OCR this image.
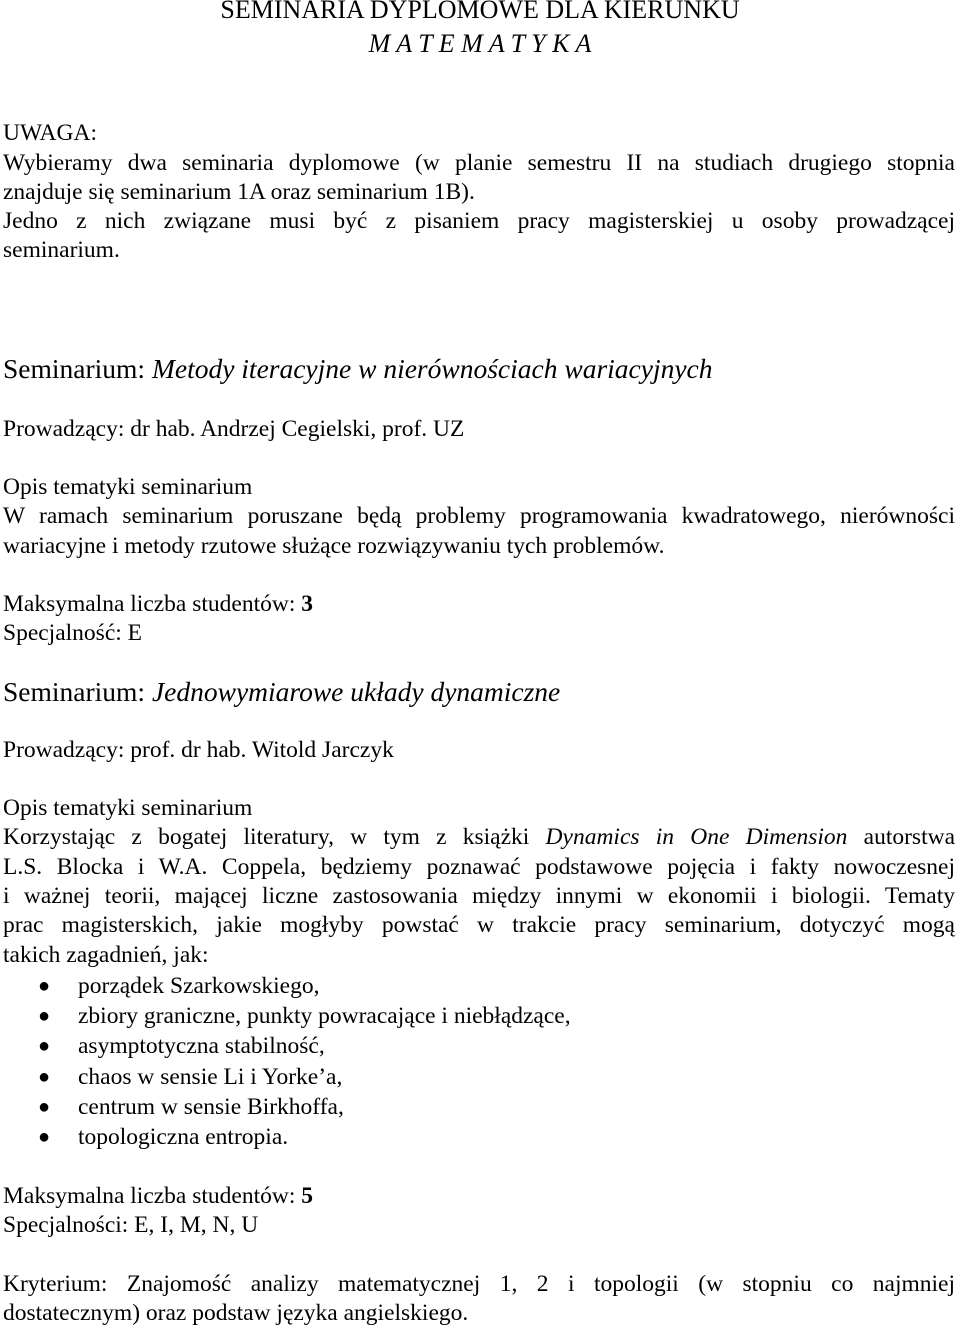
SEMINARIA DYPLOMOWE DLA KIERUNKU
M A T E M A T Y K A
UWAGA:
Wybieramy dwa seminaria dyplomowe (w planie semestru II na studiach drugiego stopnia
znajduje się seminarium 1A oraz seminarium 1B).
Jedno z nich związane musi być z pisaniem pracy magisterskiej u osoby prowadzącej
seminarium.
Seminarium: Metody iteracyjne w nierównościach wariacyjnych
Prowadzący: dr hab. Andrzej Cegielski, prof. UZ
Opis tematyki seminarium
W ramach seminarium poruszane będą problemy programowania kwadratowego, nierówności
wariacyjne i metody rzutowe służące rozwiązywaniu tych problemów.
Maksymalna liczba studentów: 3
Specjalność: E
Seminarium: Jednowymiarowe układy dynamiczne
Prowadzący: prof. dr hab. Witold Jarczyk
Opis tematyki seminarium
Korzystając z bogatej literatury, w tym z książki Dynamics in One Dimension autorstwa
L.S. Blocka i W.A. Coppela, będziemy poznawać podstawowe pojęcia i fakty nowoczesnej
i ważnej teorii, mającej liczne zastosowania między innymi w ekonomii i biologii. Tematy
prac magisterskich, jakie mogłyby powstać w trakcie pracy seminarium, dotyczyć mogą
takich zagadnień, jak:
● porządek Szarkowskiego,
● zbiory graniczne, punkty powracające i niebłądzące,
● asymptotyczna stabilność,
● chaos w sensie Li i Yorke’a,
● centrum w sensie Birkhoffa,
● topologiczna entropia.
Maksymalna liczba studentów: 5
Specjalności: E, I, M, N, U
Kryterium: Znajomość analizy matematycznej 1, 2 i topologii (w stopniu co najmniej
dostatecznym) oraz podstaw języka angielskiego.
